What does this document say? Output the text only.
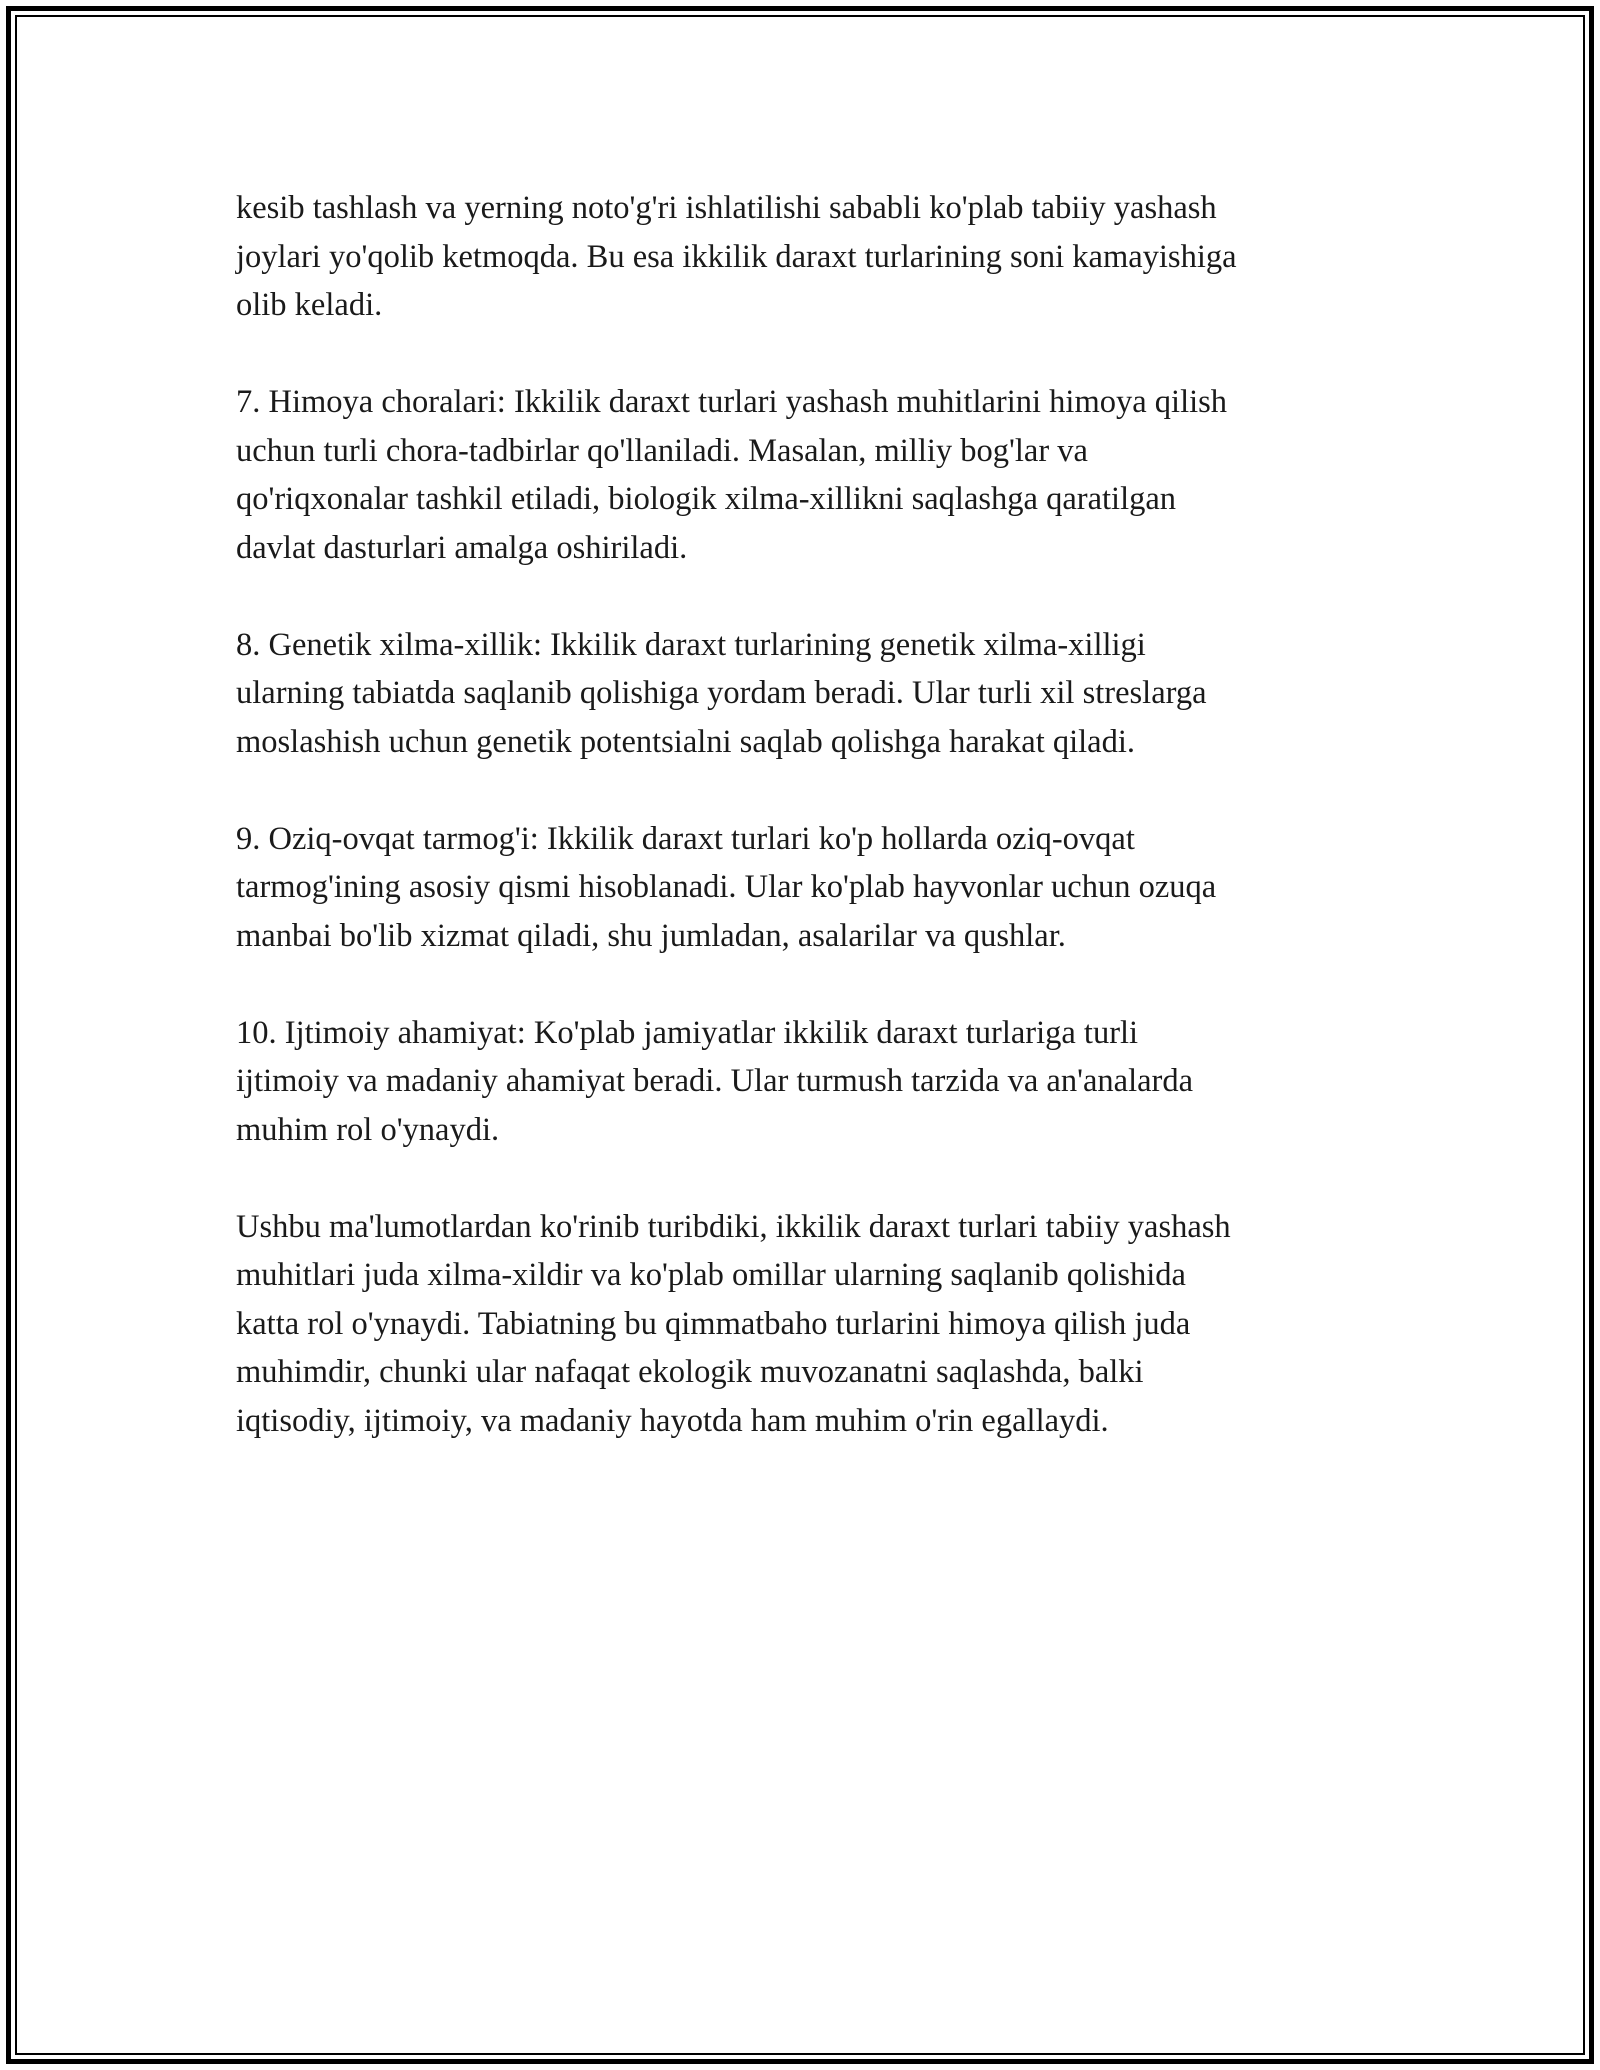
kesib tashlash va yerning noto'g'ri ishlatilishi sababli ko'plab tabiiy yashash
joylari yo'qolib ketmoqda. Bu esa ikkilik daraxt turlarining soni kamayishiga
olib keladi.

7. Himoya choralari: Ikkilik daraxt turlari yashash muhitlarini himoya qilish
uchun turli chora-tadbirlar qo'llaniladi. Masalan, milliy bog'lar va
qo'riqxonalar tashkil etiladi, biologik xilma-xillikni saqlashga qaratilgan
davlat dasturlari amalga oshiriladi.

8. Genetik xilma-xillik: Ikkilik daraxt turlarining genetik xilma-xilligi
ularning tabiatda saqlanib qolishiga yordam beradi. Ular turli xil streslarga
moslashish uchun genetik potentsialni saqlab qolishga harakat qiladi.

9. Oziq-ovqat tarmog'i: Ikkilik daraxt turlari ko'p hollarda oziq-ovqat
tarmog'ining asosiy qismi hisoblanadi. Ular ko'plab hayvonlar uchun ozuqa
manbai bo'lib xizmat qiladi, shu jumladan, asalarilar va qushlar.

10. Ijtimoiy ahamiyat: Ko'plab jamiyatlar ikkilik daraxt turlariga turli
ijtimoiy va madaniy ahamiyat beradi. Ular turmush tarzida va an'analarda
muhim rol o'ynaydi.

Ushbu ma'lumotlardan ko'rinib turibdiki, ikkilik daraxt turlari tabiiy yashash
muhitlari juda xilma-xildir va ko'plab omillar ularning saqlanib qolishida
katta rol o'ynaydi. Tabiatning bu qimmatbaho turlarini himoya qilish juda
muhimdir, chunki ular nafaqat ekologik muvozanatni saqlashda, balki
iqtisodiy, ijtimoiy, va madaniy hayotda ham muhim o'rin egallaydi.
